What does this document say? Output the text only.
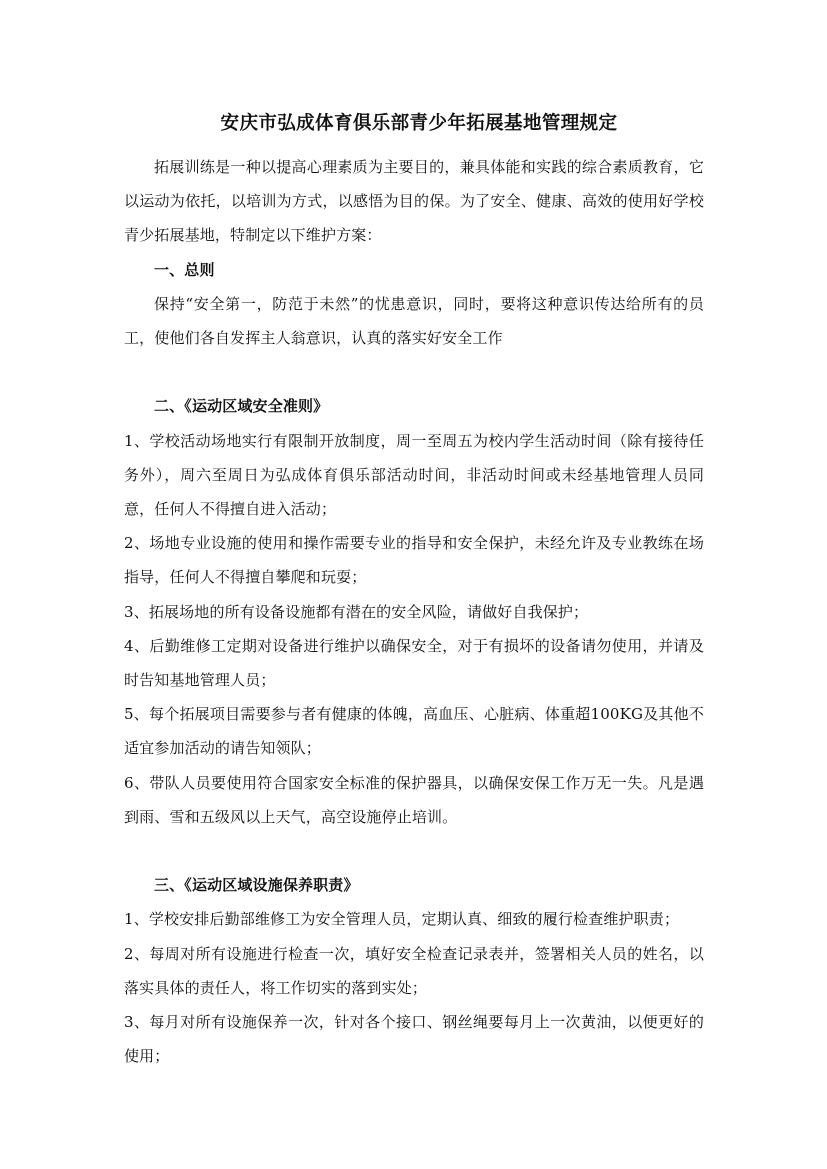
安庆市弘成体育俱乐部青少年拓展基地管理规定

拓展训练是一种以提高心理素质为主要目的，兼具体能和实践的综合素质教育，它以运动为依托，以培训为方式，以感悟为目的保。为了安全、健康、高效的使用好学校青少拓展基地，特制定以下维护方案：

一、总则

保持“安全第一，防范于未然”的忧患意识，同时，要将这种意识传达给所有的员工，使他们各自发挥主人翁意识，认真的落实好安全工作

二、《运动区域安全准则》

1、学校活动场地实行有限制开放制度，周一至周五为校内学生活动时间（除有接待任务外），周六至周日为弘成体育俱乐部活动时间，非活动时间或未经基地管理人员同意，任何人不得擅自进入活动；

2、场地专业设施的使用和操作需要专业的指导和安全保护，未经允许及专业教练在场指导，任何人不得擅自攀爬和玩耍；

3、拓展场地的所有设备设施都有潜在的安全风险，请做好自我保护；

4、后勤维修工定期对设备进行维护以确保安全，对于有损坏的设备请勿使用，并请及时告知基地管理人员；

5、每个拓展项目需要参与者有健康的体魄，高血压、心脏病、体重超100KG及其他不适宜参加活动的请告知领队；

6、带队人员要使用符合国家安全标准的保护器具，以确保安保工作万无一失。凡是遇到雨、雪和五级风以上天气，高空设施停止培训。

三、《运动区域设施保养职责》

1、学校安排后勤部维修工为安全管理人员，定期认真、细致的履行检查维护职责；

2、每周对所有设施进行检查一次，填好安全检查记录表并，签署相关人员的姓名，以落实具体的责任人，将工作切实的落到实处；

3、每月对所有设施保养一次，针对各个接口、钢丝绳要每月上一次黄油，以便更好的使用；
